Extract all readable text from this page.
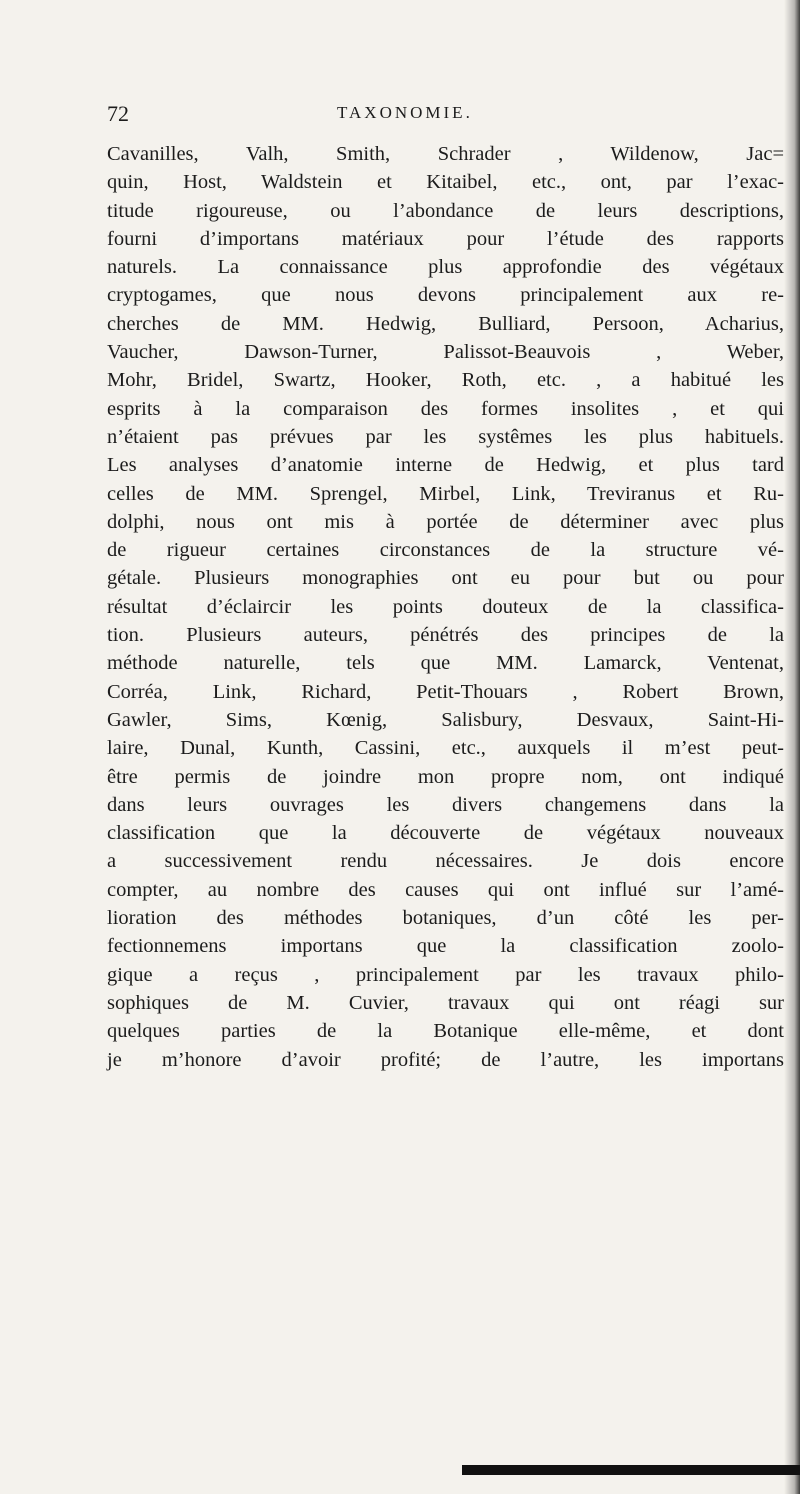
72	TAXONOMIE.
Cavanilles, Valh, Smith, Schrader , Wildenow, Jac=
quin, Host, Waldstein et Kitaibel, etc., ont, par l’exac-
titude rigoureuse, ou l’abondance de leurs descriptions,
fourni d’importans matériaux pour l’étude des rapports
naturels. La connaissance plus approfondie des végétaux
cryptogames, que nous devons principalement aux re-
cherches de MM. Hedwig, Bulliard, Persoon, Acharius,
Vaucher, Dawson-Turner, Palissot-Beauvois , Weber,
Mohr, Bridel, Swartz, Hooker, Roth, etc. , a habitué les
esprits à la comparaison des formes insolites , et qui
n’étaient pas prévues par les systêmes les plus habituels.
Les analyses d’anatomie interne de Hedwig, et plus tard
celles de MM. Sprengel, Mirbel, Link, Treviranus et Ru-
dolphi, nous ont mis à portée de déterminer avec plus
de rigueur certaines circonstances de la structure vé-
gétale. Plusieurs monographies ont eu pour but ou pour
résultat d’éclaircir les points douteux de la classifica-
tion. Plusieurs auteurs, pénétrés des principes de la
méthode naturelle, tels que MM. Lamarck, Ventenat,
Corréa, Link, Richard, Petit-Thouars , Robert Brown,
Gawler, Sims, Kœnig, Salisbury, Desvaux, Saint-Hi-
laire, Dunal, Kunth, Cassini, etc., auxquels il m’est peut-
être permis de joindre mon propre nom, ont indiqué
dans leurs ouvrages les divers changemens dans la
classification que la découverte de végétaux nouveaux
a successivement rendu nécessaires. Je dois encore
compter, au nombre des causes qui ont influé sur l’amé-
lioration des méthodes botaniques, d’un côté les per-
fectionnemens importans que la classification zoolo-
gique a reçus , principalement par les travaux philo-
sophiques de M. Cuvier, travaux qui ont réagi sur
quelques parties de la Botanique elle-même, et dont
je m’honore d’avoir profité; de l’autre, les importans
